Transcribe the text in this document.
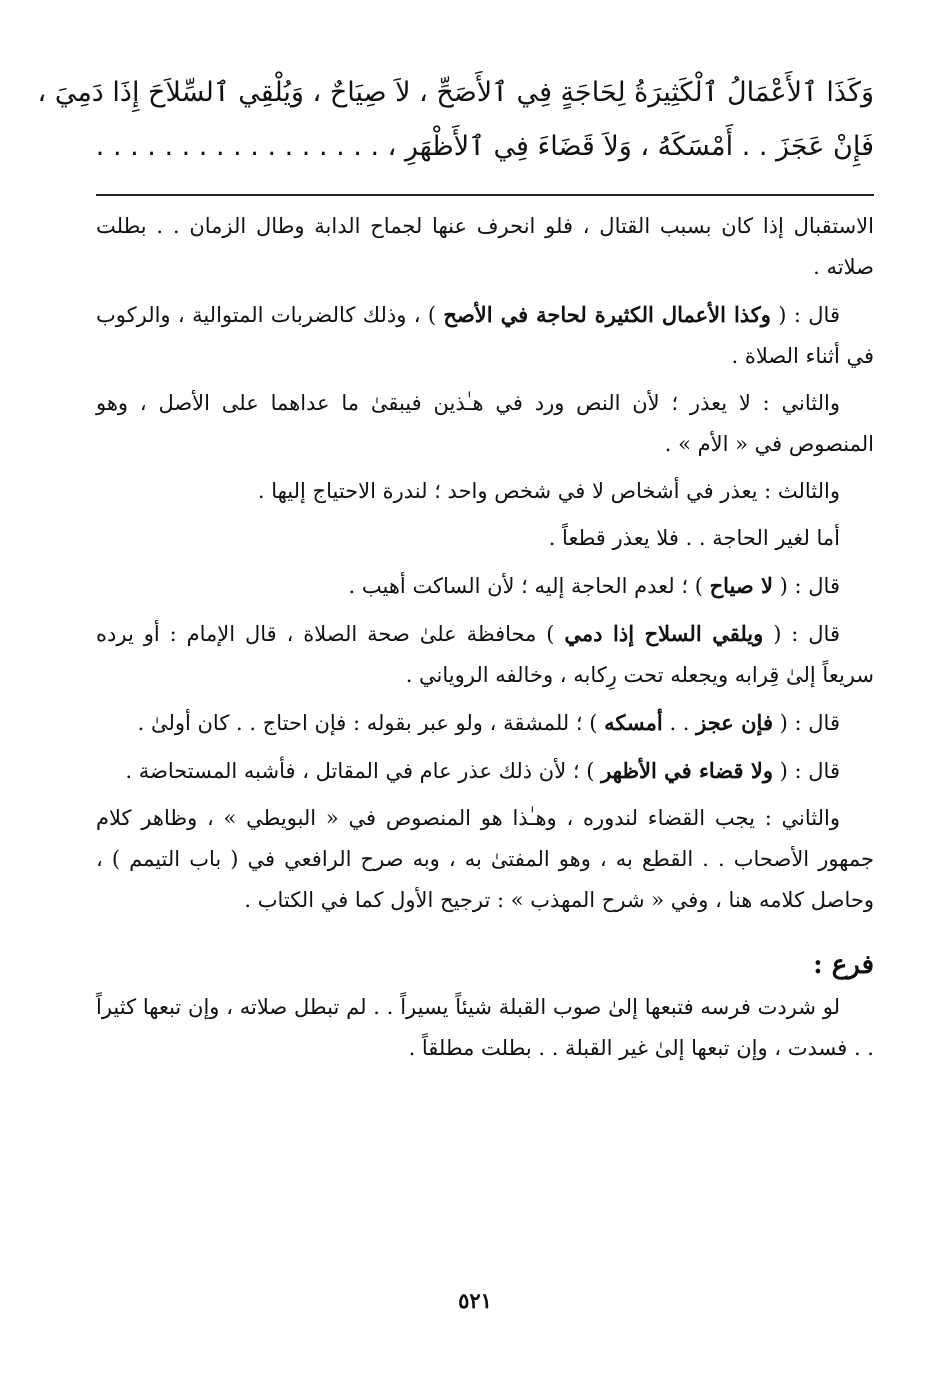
وَكَذَا ٱلأَعْمَالُ ٱلْكَثِيرَةُ لِحَاجَةٍ فِي ٱلأَصَحِّ ، لاَ صِيَاحٌ ، وَيُلْقِي ٱلسِّلاَحَ إِذَا دَمِيَ ،
فَإِنْ عَجَزَ . . أَمْسَكَهُ ، وَلاَ قَضَاءَ فِي ٱلأَظْهَرِ ، . . . . . . . . . . . . . . . . .

الاستقبال إذا كان بسبب القتال ، فلو انحرف عنها لجماح الدابة وطال الزمان . . بطلت صلاته .

قال : ( وكذا الأعمال الكثيرة لحاجة في الأصح ) ، وذلك كالضربات المتوالية ، والركوب في أثناء الصلاة .

والثاني : لا يعذر ؛ لأن النص ورد في هـٰذين فيبقىٰ ما عداهما على الأصل ، وهو المنصوص في « الأم » .

والثالث : يعذر في أشخاص لا في شخص واحد ؛ لندرة الاحتياج إليها .

أما لغير الحاجة . . فلا يعذر قطعاً .

قال : ( لا صياح ) ؛ لعدم الحاجة إليه ؛ لأن الساكت أهيب .

قال : ( ويلقي السلاح إذا دمي ) محافظة علىٰ صحة الصلاة ، قال الإمام : أو يرده سريعاً إلىٰ قِرابه ويجعله تحت رِكابه ، وخالفه الروياني .

قال : ( فإن عجز . . أمسكه ) ؛ للمشقة ، ولو عبر بقوله : فإن احتاج . . كان أولىٰ .

قال : ( ولا قضاء في الأظهر ) ؛ لأن ذلك عذر عام في المقاتل ، فأشبه المستحاضة .

والثاني : يجب القضاء لندوره ، وهـٰذا هو المنصوص في « البويطي » ، وظاهر كلام جمهور الأصحاب . . القطع به ، وهو المفتىٰ به ، وبه صرح الرافعي في ( باب التيمم ) ، وحاصل كلامه هنا ، وفي « شرح المهذب » : ترجيح الأول كما في الكتاب .

فرع :

لو شردت فرسه فتبعها إلىٰ صوب القبلة شيئاً يسيراً . . لم تبطل صلاته ، وإن تبعها كثيراً . . فسدت ، وإن تبعها إلىٰ غير القبلة . . بطلت مطلقاً .

٥٢١
